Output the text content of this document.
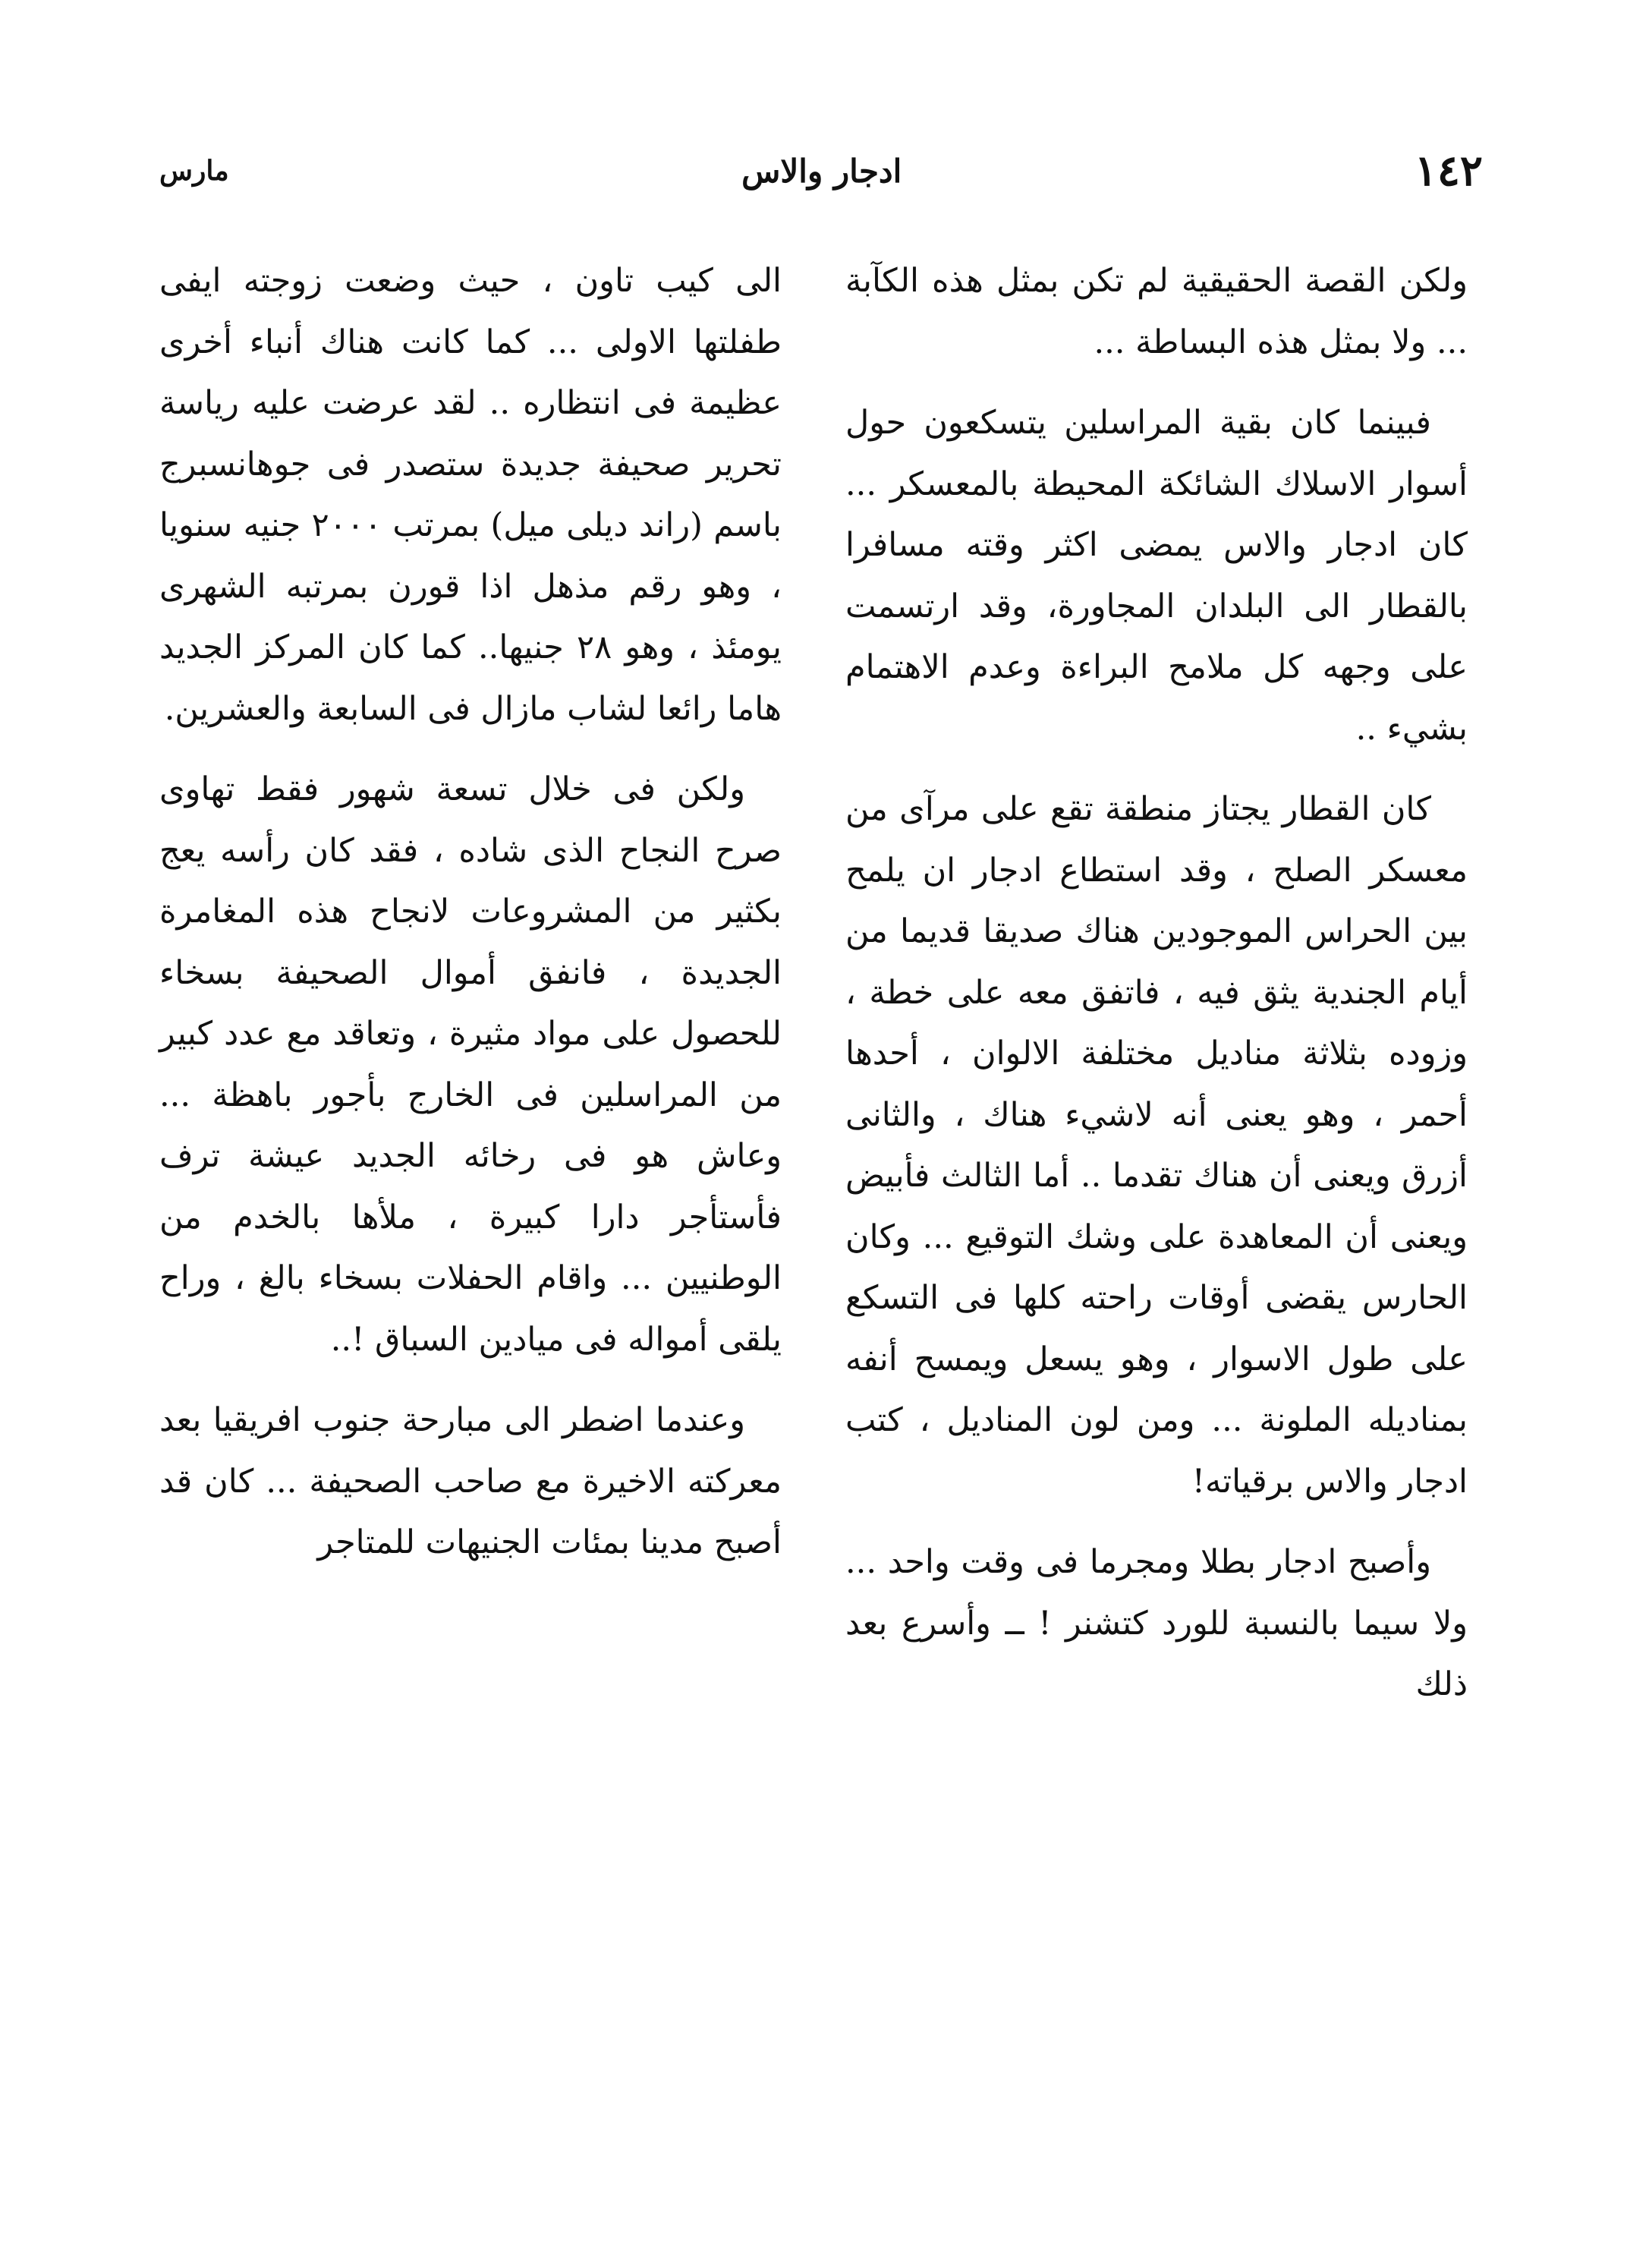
١٤٢
ادجار والاس
مارس

ولكن القصة الحقيقية لم تكن بمثل هذه الكآبة ... ولا بمثل هذه البساطة ...

فبينما كان بقية المراسلين يتسكعون حول أسوار الاسلاك الشائكة المحيطة بالمعسكر ... كان ادجار والاس يمضى اكثر وقته مسافرا بالقطار الى البلدان المجاورة، وقد ارتسمت على وجهه كل ملامح البراءة وعدم الاهتمام بشيء ..

كان القطار يجتاز منطقة تقع على مرآى من معسكر الصلح ، وقد استطاع ادجار ان يلمح بين الحراس الموجودين هناك صديقا قديما من أيام الجندية يثق فيه ، فاتفق معه على خطة ، وزوده بثلاثة مناديل مختلفة الالوان ، أحدها أحمر ، وهو يعنى أنه لاشيء هناك ، والثانى أزرق ويعنى أن هناك تقدما .. أما الثالث فأبيض ويعنى أن المعاهدة على وشك التوقيع ... وكان الحارس يقضى أوقات راحته كلها فى التسكع على طول الاسوار ، وهو يسعل ويمسح أنفه بمناديله الملونة ... ومن لون المناديل ، كتب ادجار والاس برقياته!

وأصبح ادجار بطلا ومجرما فى وقت واحد ... ولا سيما بالنسبة للورد كتشنر ! ــ وأسرع بعد ذلك

الى كيب تاون ، حيث وضعت زوجته ايفى طفلتها الاولى ... كما كانت هناك أنباء أخرى عظيمة فى انتظاره .. لقد عرضت عليه رياسة تحرير صحيفة جديدة ستصدر فى جوهانسبرج باسم (راند ديلى ميل) بمرتب ٢٠٠٠ جنيه سنويا ، وهو رقم مذهل اذا قورن بمرتبه الشهرى يومئذ ، وهو ٢٨ جنيها.. كما كان المركز الجديد هاما رائعا لشاب مازال فى السابعة والعشرين.

ولكن فى خلال تسعة شهور فقط تهاوى صرح النجاح الذى شاده ، فقد كان رأسه يعج بكثير من المشروعات لانجاح هذه المغامرة الجديدة ، فانفق أموال الصحيفة بسخاء للحصول على مواد مثيرة ، وتعاقد مع عدد كبير من المراسلين فى الخارج بأجور باهظة ... وعاش هو فى رخائه الجديد عيشة ترف فأستأجر دارا كبيرة ، ملأها بالخدم من الوطنيين ... واقام الحفلات بسخاء بالغ ، وراح يلقى أمواله فى ميادين السباق !..

وعندما اضطر الى مبارحة جنوب افريقيا بعد معركته الاخيرة مع صاحب الصحيفة ... كان قد أصبح مدينا بمئات الجنيهات للمتاجر
